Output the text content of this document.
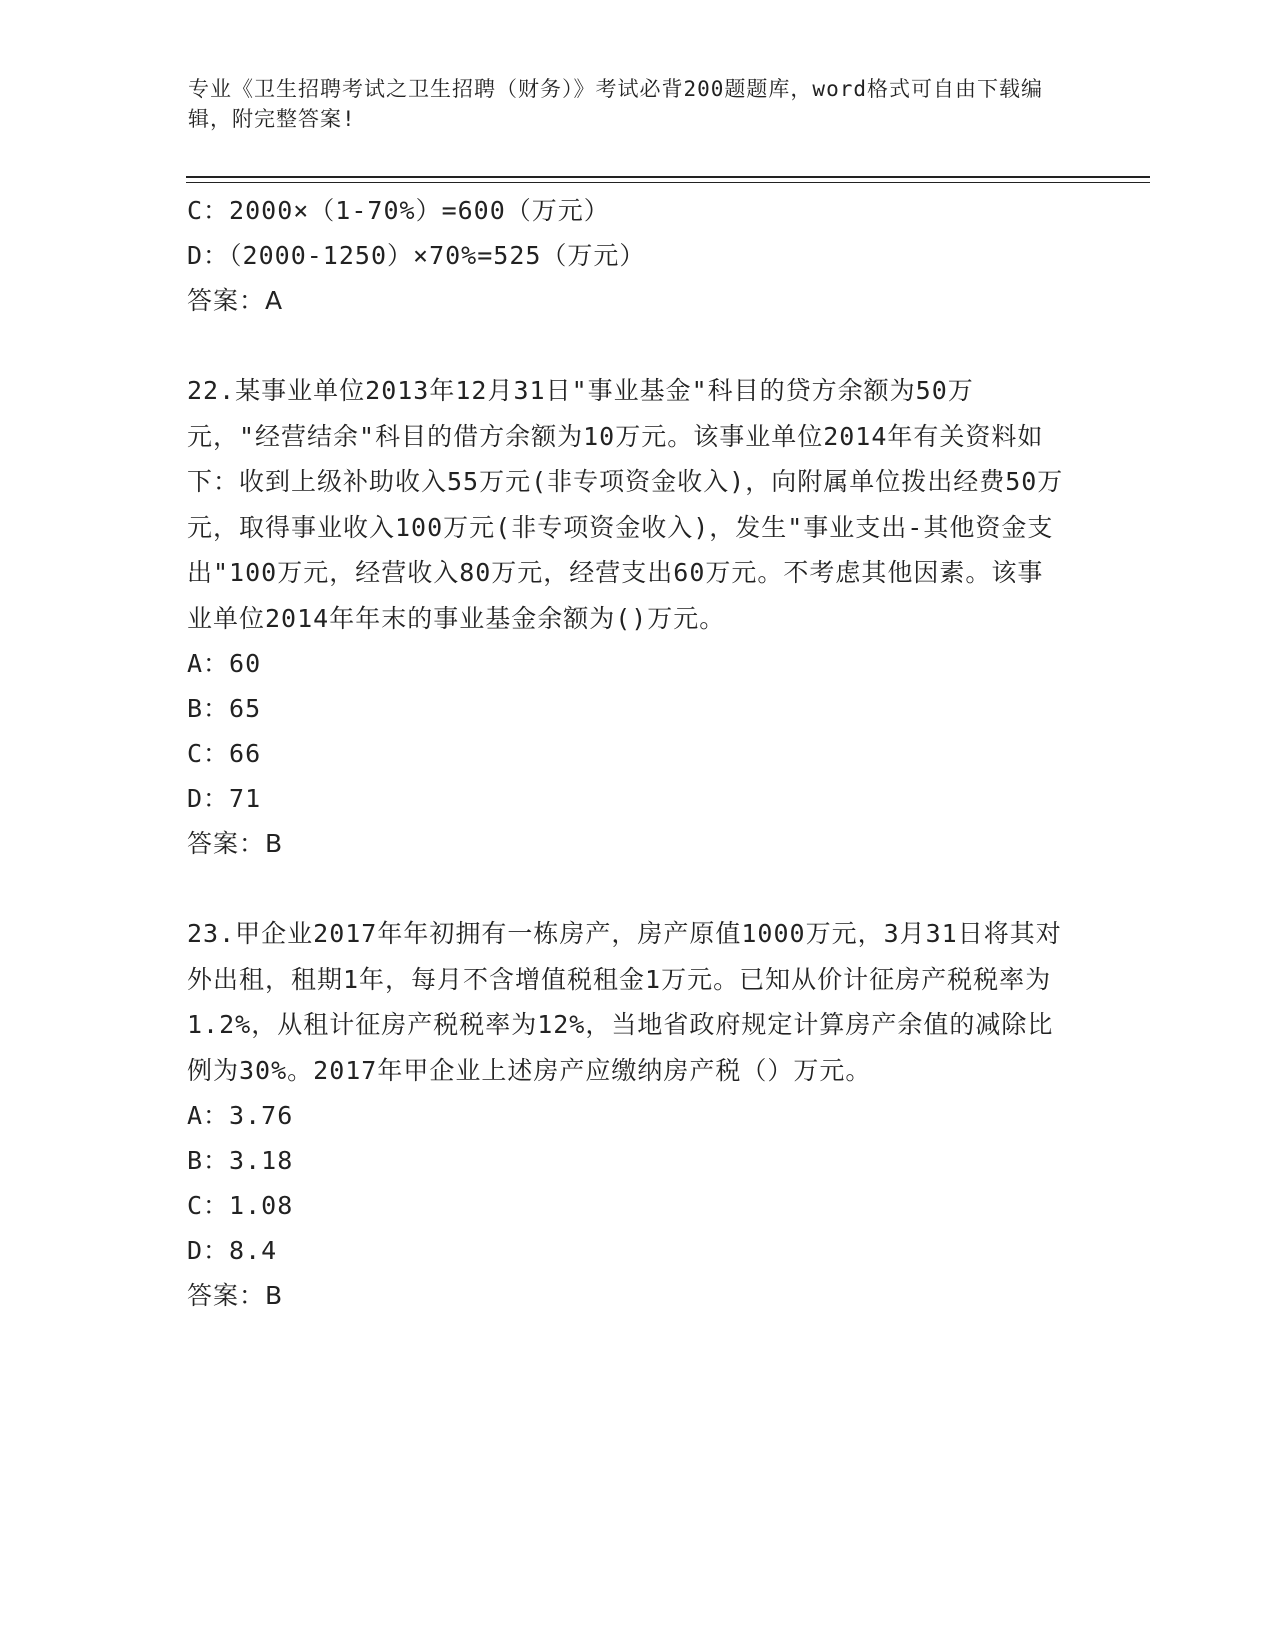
专业《卫生招聘考试之卫生招聘（财务）》考试必背200题题库，word格式可自由下载编辑，附完整答案!
C：2000×（1-70%）=600（万元）
D：（2000-1250）×70%=525（万元）
答案：A
22.某事业单位2013年12月31日"事业基金"科目的贷方余额为50万元，"经营结余"科目的借方余额为10万元。该事业单位2014年有关资料如下：收到上级补助收入55万元(非专项资金收入)，向附属单位拨出经费50万元，取得事业收入100万元(非专项资金收入)，发生"事业支出-其他资金支出"100万元，经营收入80万元，经营支出60万元。不考虑其他因素。该事业单位2014年年末的事业基金余额为()万元。
A：60
B：65
C：66
D：71
答案：B
23.甲企业2017年年初拥有一栋房产，房产原值1000万元，3月31日将其对外出租，租期1年，每月不含增值税租金1万元。已知从价计征房产税税率为1.2%，从租计征房产税税率为12%，当地省政府规定计算房产余值的减除比例为30%。2017年甲企业上述房产应缴纳房产税（）万元。
A：3.76
B：3.18
C：1.08
D：8.4
答案：B
